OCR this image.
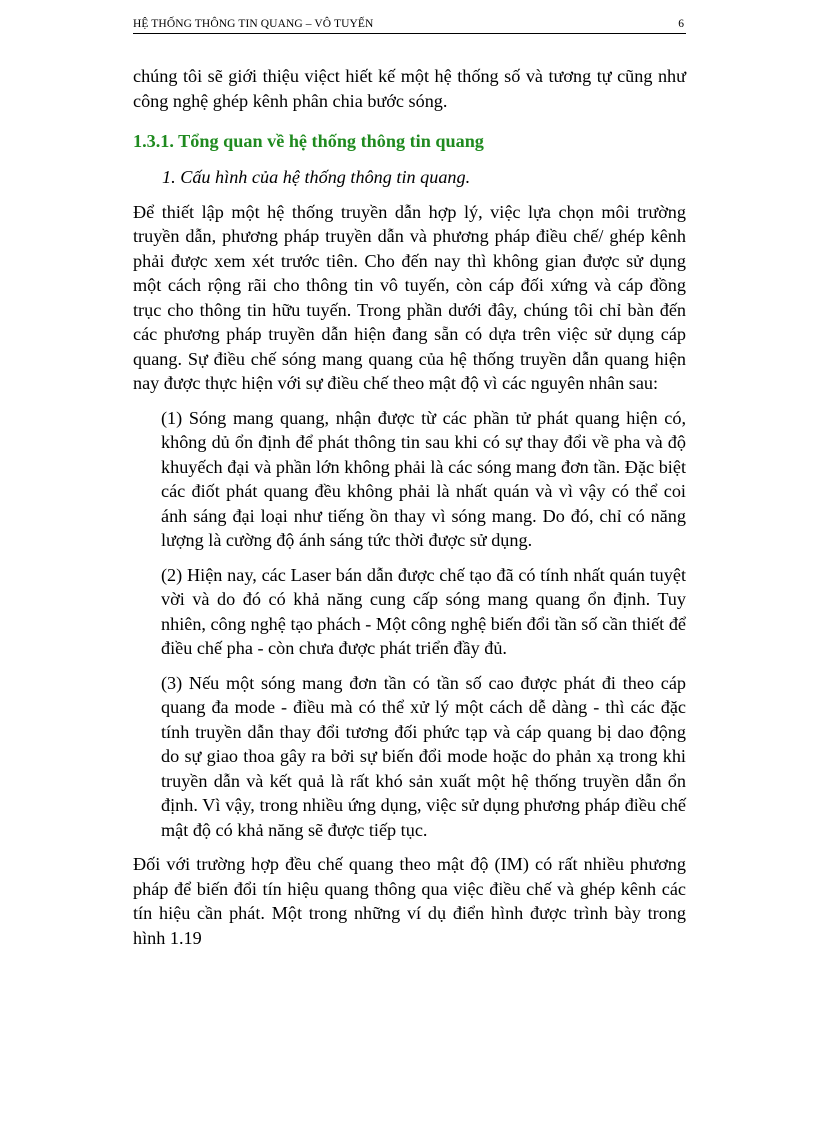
HỆ THỐNG THÔNG TIN QUANG – VÔ TUYẾN	6

chúng tôi sẽ giới thiệu việct hiết kế một hệ thống số và tương tự cũng như công nghệ ghép kênh phân chia bước sóng.

1.3.1. Tổng quan về hệ thống thông tin quang

1. Cấu hình của hệ thống thông tin quang.

Để thiết lập một hệ thống truyền dẫn hợp lý, việc lựa chọn môi trường truyền dẫn, phương pháp truyền dẫn và phương pháp điều chế/ ghép kênh phải được xem xét trước tiên. Cho đến nay thì không gian được sử dụng một cách rộng rãi cho thông tin vô tuyến, còn cáp đối xứng và cáp đồng trục cho thông tin hữu tuyến. Trong phần dưới đây, chúng tôi chỉ bàn đến các phương pháp truyền dẫn hiện đang sẵn có dựa trên việc sử dụng cáp quang. Sự điều chế sóng mang quang của hệ thống truyền dẫn quang hiện nay được thực hiện với sự điều chế theo mật độ vì các nguyên nhân sau:

(1) Sóng mang quang, nhận được từ các phần tử phát quang hiện có, không dủ ổn định để phát thông tin sau khi có sự thay đổi về pha và độ khuyếch đại và phần lớn không phải là các sóng mang đơn tần. Đặc biệt các điốt phát quang đều không phải là nhất quán và vì vậy có thể coi ánh sáng đại loại như tiếng ồn thay vì sóng mang. Do đó, chỉ có năng lượng là cường độ ánh sáng tức thời được sử dụng.

(2) Hiện nay, các Laser bán dẫn được chế tạo đã có tính nhất quán tuyệt vời và do đó có khả năng cung cấp sóng mang quang ổn định. Tuy nhiên, công nghệ tạo phách - Một công nghệ biến đổi tần số cần thiết để điều chế pha - còn chưa được phát triển đầy đủ.

(3) Nếu một sóng mang đơn tần có tần số cao được phát đi theo cáp quang đa mode - điều mà có thể xử lý một cách dễ dàng - thì các đặc tính truyền dẫn thay đổi tương đối phức tạp và cáp quang bị dao động do sự giao thoa gây ra bởi sự biến đổi mode hoặc do phản xạ trong khi truyền dẫn và kết quả là rất khó sản xuất một hệ thống truyền dẫn ổn định. Vì vậy, trong nhiều ứng dụng, việc sử dụng phương pháp điều chế mật độ có khả năng sẽ được tiếp tục.

Đối với trường hợp đều chế quang theo mật độ (IM) có rất nhiều phương pháp để biến đổi tín hiệu quang thông qua việc điều chế và ghép kênh các tín hiệu cần phát. Một trong những ví dụ điển hình được trình bày trong hình 1.19
